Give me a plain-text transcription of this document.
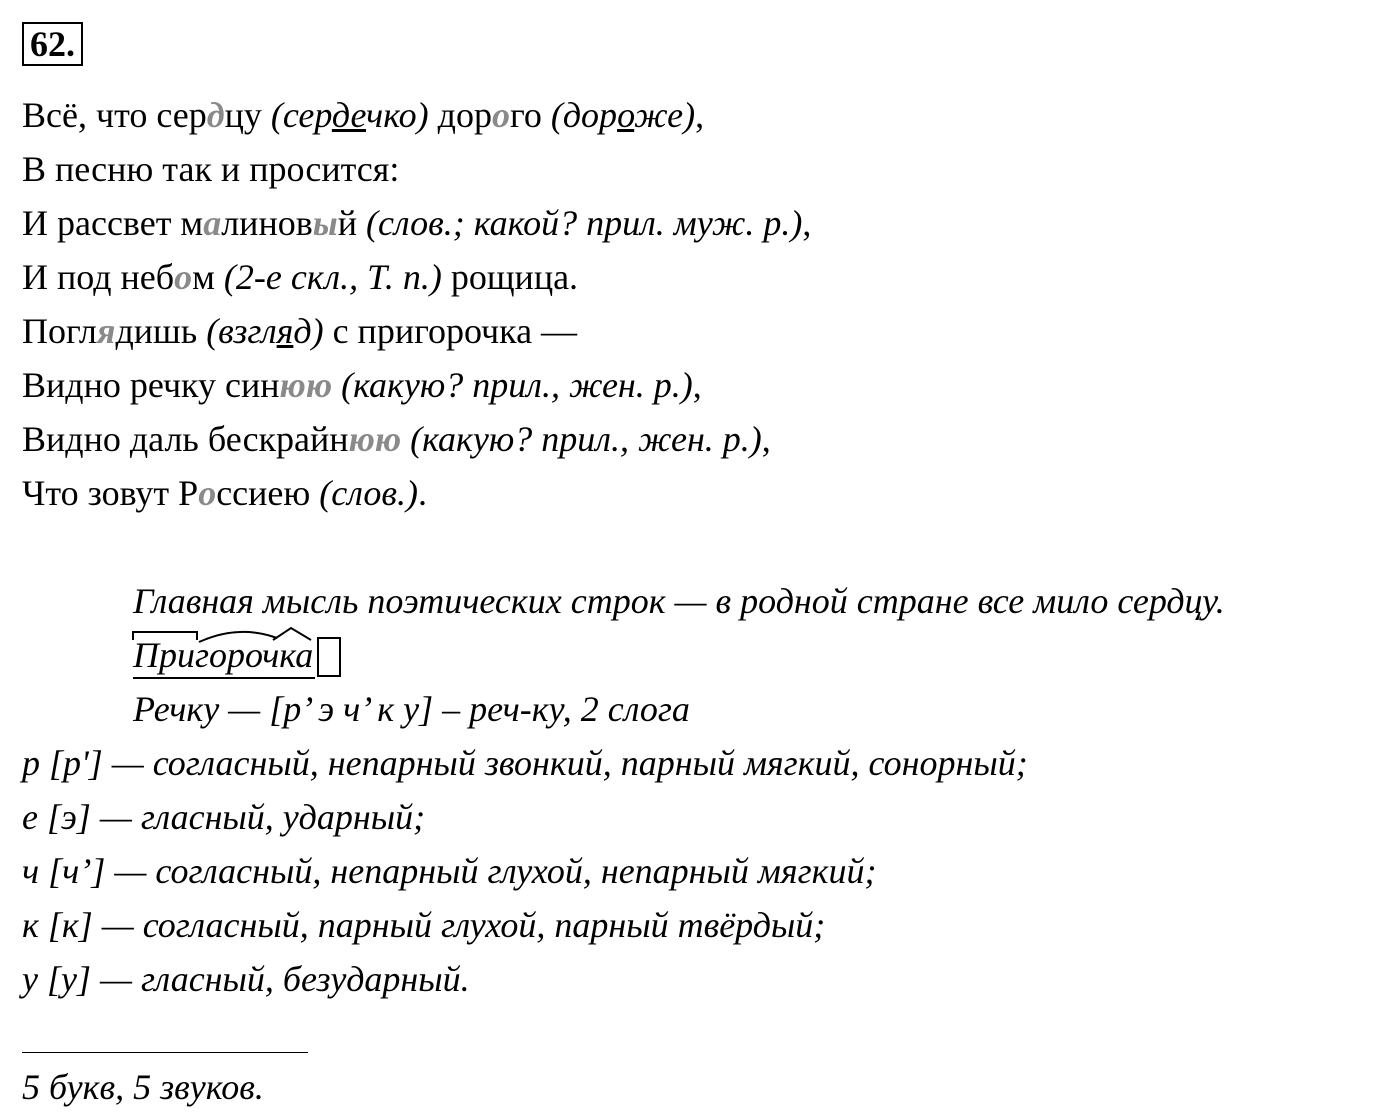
62.
Всё, что сердцу (сердечко) дорого (дороже),
В песню так и просится:
И рассвет малиновый (слов.; какой? прил. муж. р.),
И под небом (2-е скл., Т. п.) рощица.
Поглядишь (взгляд) с пригорочка —
Видно речку синюю (какую? прил., жен. р.),
Видно даль бескрайнюю (какую? прил., жен. р.),
Что зовут Россиею (слов.).
Главная мысль поэтических строк — в родной стране все мило сердцу.
Пригорочка
Речку — [р’ э ч’ к у] – реч-ку, 2 слога
р [р'] — согласный, непарный звонкий, парный мягкий, сонорный;
е [э] — гласный, ударный;
ч [ч’] — согласный, непарный глухой, непарный мягкий;
к [к] — согласный, парный глухой, парный твёрдый;
у [у] — гласный, безударный.
5 букв, 5 звуков.
